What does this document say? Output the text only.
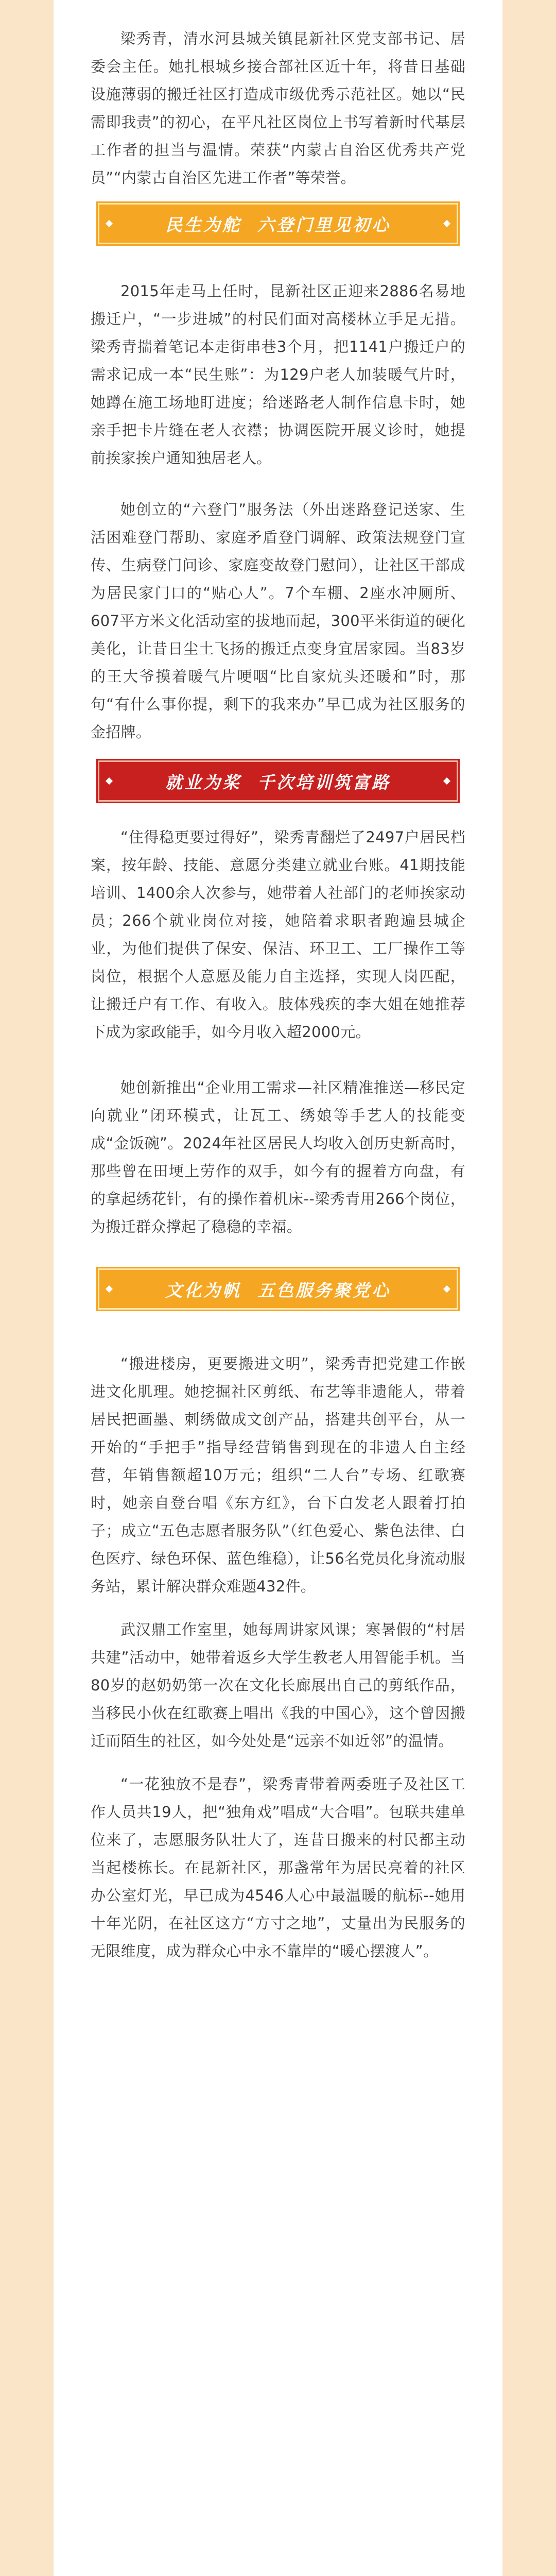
梁秀青，清水河县城关镇昆新社区党支部书记、居委会主任。她扎根城乡接合部社区近十年，将昔日基础设施薄弱的搬迁社区打造成市级优秀示范社区。她以“民需即我责”的初心，在平凡社区岗位上书写着新时代基层工作者的担当与温情。荣获“内蒙古自治区优秀共产党员”“内蒙古自治区先进工作者”等荣誉。

民生为舵  六登门里见初心

2015年走马上任时，昆新社区正迎来2886名易地搬迁户，“一步进城”的村民们面对高楼林立手足无措。梁秀青揣着笔记本走街串巷3个月，把1141户搬迁户的需求记成一本“民生账”：为129户老人加装暖气片时，她蹲在施工场地盯进度；给迷路老人制作信息卡时，她亲手把卡片缝在老人衣襟；协调医院开展义诊时，她提前挨家挨户通知独居老人。

她创立的“六登门”服务法（外出迷路登记送家、生活困难登门帮助、家庭矛盾登门调解、政策法规登门宣传、生病登门问诊、家庭变故登门慰问），让社区干部成为居民家门口的“贴心人”。7个车棚、2座水冲厕所、607平方米文化活动室的拔地而起，300平米街道的硬化美化，让昔日尘土飞扬的搬迁点变身宜居家园。当83岁的王大爷摸着暖气片哽咽“比自家炕头还暖和”时，那句“有什么事你提，剩下的我来办”早已成为社区服务的金招牌。

就业为桨  千次培训筑富路

“住得稳更要过得好”，梁秀青翻烂了2497户居民档案，按年龄、技能、意愿分类建立就业台账。41期技能培训、1400余人次参与，她带着人社部门的老师挨家动员；266个就业岗位对接，她陪着求职者跑遍县城企业，为他们提供了保安、保洁、环卫工、工厂操作工等岗位，根据个人意愿及能力自主选择，实现人岗匹配，让搬迁户有工作、有收入。肢体残疾的李大姐在她推荐下成为家政能手，如今月收入超2000元。

她创新推出“企业用工需求—社区精准推送—移民定向就业”闭环模式，让瓦工、绣娘等手艺人的技能变成“金饭碗”。2024年社区居民人均收入创历史新高时，那些曾在田埂上劳作的双手，如今有的握着方向盘，有的拿起绣花针，有的操作着机床--梁秀青用266个岗位，为搬迁群众撑起了稳稳的幸福。

文化为帆  五色服务聚党心

“搬进楼房，更要搬进文明”，梁秀青把党建工作嵌进文化肌理。她挖掘社区剪纸、布艺等非遗能人，带着居民把画墨、刺绣做成文创产品，搭建共创平台，从一开始的“手把手”指导经营销售到现在的非遗人自主经营，年销售额超10万元；组织“二人台”专场、红歌赛时，她亲自登台唱《东方红》，台下白发老人跟着打拍子；成立“五色志愿者服务队”（红色爱心、紫色法律、白色医疗、绿色环保、蓝色维稳），让56名党员化身流动服务站，累计解决群众难题432件。

武汉鼎工作室里，她每周讲家风课；寒暑假的“村居共建”活动中，她带着返乡大学生教老人用智能手机。当80岁的赵奶奶第一次在文化长廊展出自己的剪纸作品，当移民小伙在红歌赛上唱出《我的中国心》，这个曾因搬迁而陌生的社区，如今处处是“远亲不如近邻”的温情。

“一花独放不是春”，梁秀青带着两委班子及社区工作人员共19人，把“独角戏”唱成“大合唱”。包联共建单位来了，志愿服务队壮大了，连昔日搬来的村民都主动当起楼栋长。在昆新社区，那盏常年为居民亮着的社区办公室灯光，早已成为4546人心中最温暖的航标--她用十年光阴，在社区这方“方寸之地”，丈量出为民服务的无限维度，成为群众心中永不靠岸的“暖心摆渡人”。
